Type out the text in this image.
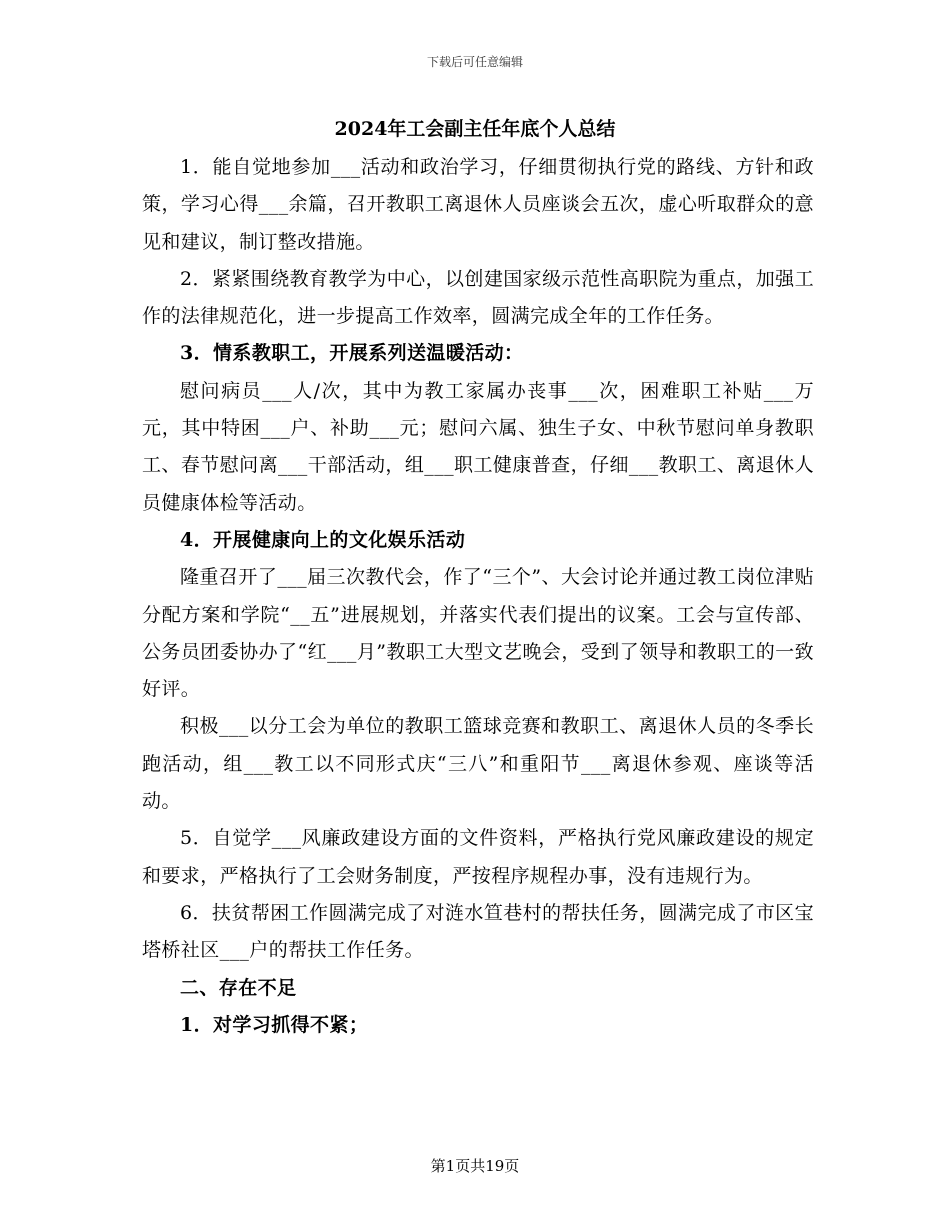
下载后可任意编辑
2024年工会副主任年底个人总结

1．能自觉地参加___活动和政治学习，仔细贯彻执行党的路线、方针和政策，学习心得___余篇，召开教职工离退休人员座谈会五次，虚心听取群众的意见和建议，制订整改措施。

2．紧紧围绕教育教学为中心，以创建国家级示范性高职院为重点，加强工作的法律规范化，进一步提高工作效率，圆满完成全年的工作任务。

3．情系教职工，开展系列送温暖活动：

慰问病员___人/次，其中为教工家属办丧事___次，困难职工补贴___万元，其中特困___户、补助___元；慰问六属、独生子女、中秋节慰问单身教职工、春节慰问离___干部活动，组___职工健康普查，仔细___教职工、离退休人员健康体检等活动。

4．开展健康向上的文化娱乐活动

隆重召开了___届三次教代会，作了“三个”、大会讨论并通过教工岗位津贴分配方案和学院“__五”进展规划，并落实代表们提出的议案。工会与宣传部、公务员团委协办了“红___月”教职工大型文艺晚会，受到了领导和教职工的一致好评。

积极___以分工会为单位的教职工篮球竞赛和教职工、离退休人员的冬季长跑活动，组___教工以不同形式庆“三八”和重阳节___离退休参观、座谈等活动。

5．自觉学___风廉政建设方面的文件资料，严格执行党风廉政建设的规定和要求，严格执行了工会财务制度，严按程序规程办事，没有违规行为。

6．扶贫帮困工作圆满完成了对涟水笪巷村的帮扶任务，圆满完成了市区宝塔桥社区___户的帮扶工作任务。

二、存在不足

1．对学习抓得不紧；

第1页共19页
